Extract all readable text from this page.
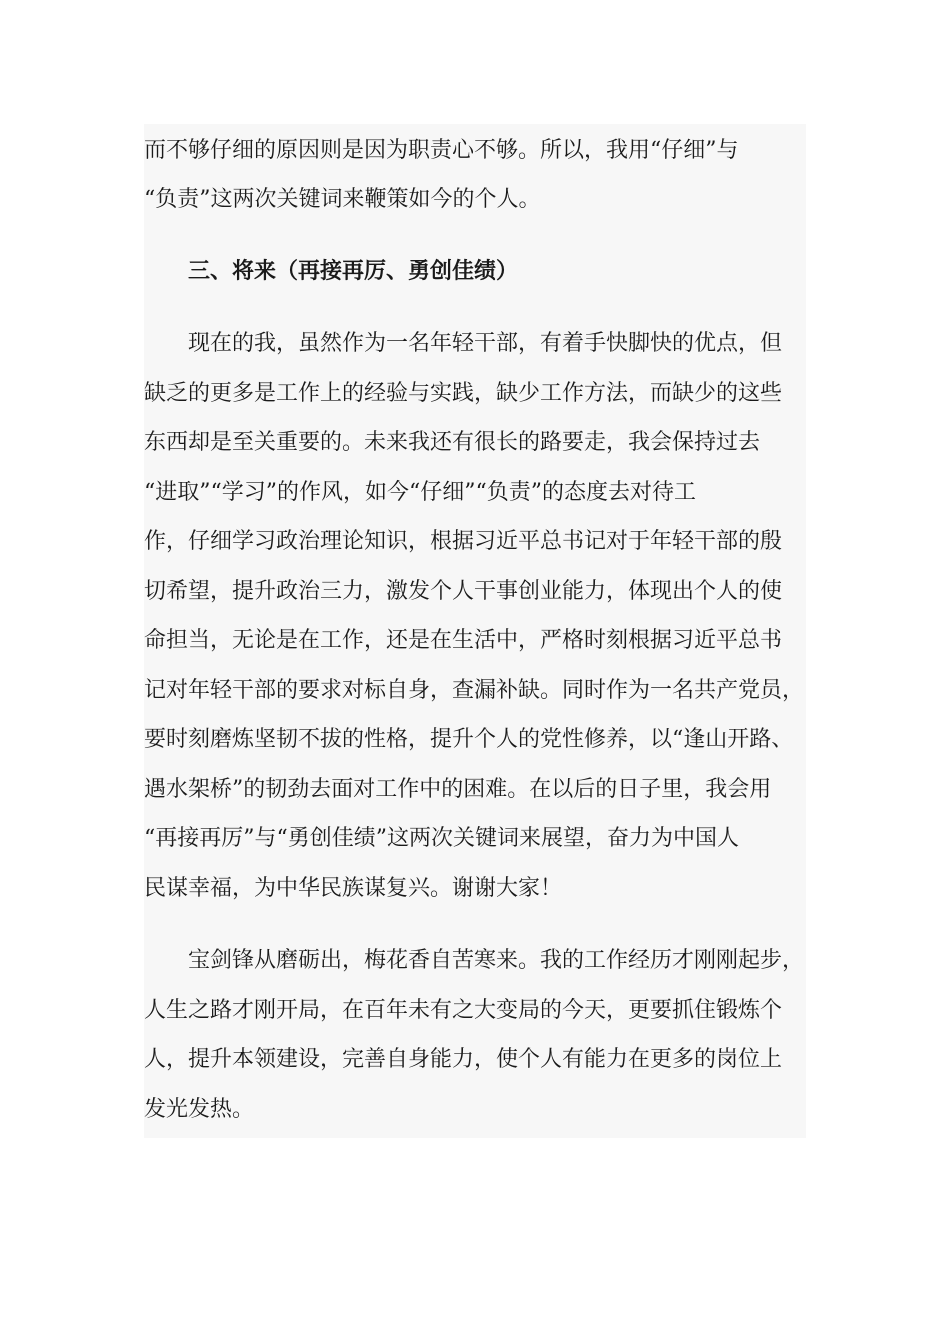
而不够仔细的原因则是因为职责心不够。所以，我用“仔细”与
“负责”这两次关键词来鞭策如今的个人。
三、将来（再接再厉、勇创佳绩）
现在的我，虽然作为一名年轻干部，有着手快脚快的优点，但
缺乏的更多是工作上的经验与实践，缺少工作方法，而缺少的这些
东西却是至关重要的。未来我还有很长的路要走，我会保持过去
“进取”“学习”的作风，如今“仔细”“负责”的态度去对待工
作，仔细学习政治理论知识，根据习近平总书记对于年轻干部的殷
切希望，提升政治三力，激发个人干事创业能力，体现出个人的使
命担当，无论是在工作，还是在生活中，严格时刻根据习近平总书
记对年轻干部的要求对标自身，查漏补缺。同时作为一名共产党员，
要时刻磨炼坚韧不拔的性格，提升个人的党性修养，以“逢山开路、
遇水架桥”的韧劲去面对工作中的困难。在以后的日子里，我会用
“再接再厉”与“勇创佳绩”这两次关键词来展望，奋力为中国人
民谋幸福，为中华民族谋复兴。谢谢大家！
宝剑锋从磨砺出，梅花香自苦寒来。我的工作经历才刚刚起步，
人生之路才刚开局，在百年未有之大变局的今天，更要抓住锻炼个
人，提升本领建设，完善自身能力，使个人有能力在更多的岗位上
发光发热。
